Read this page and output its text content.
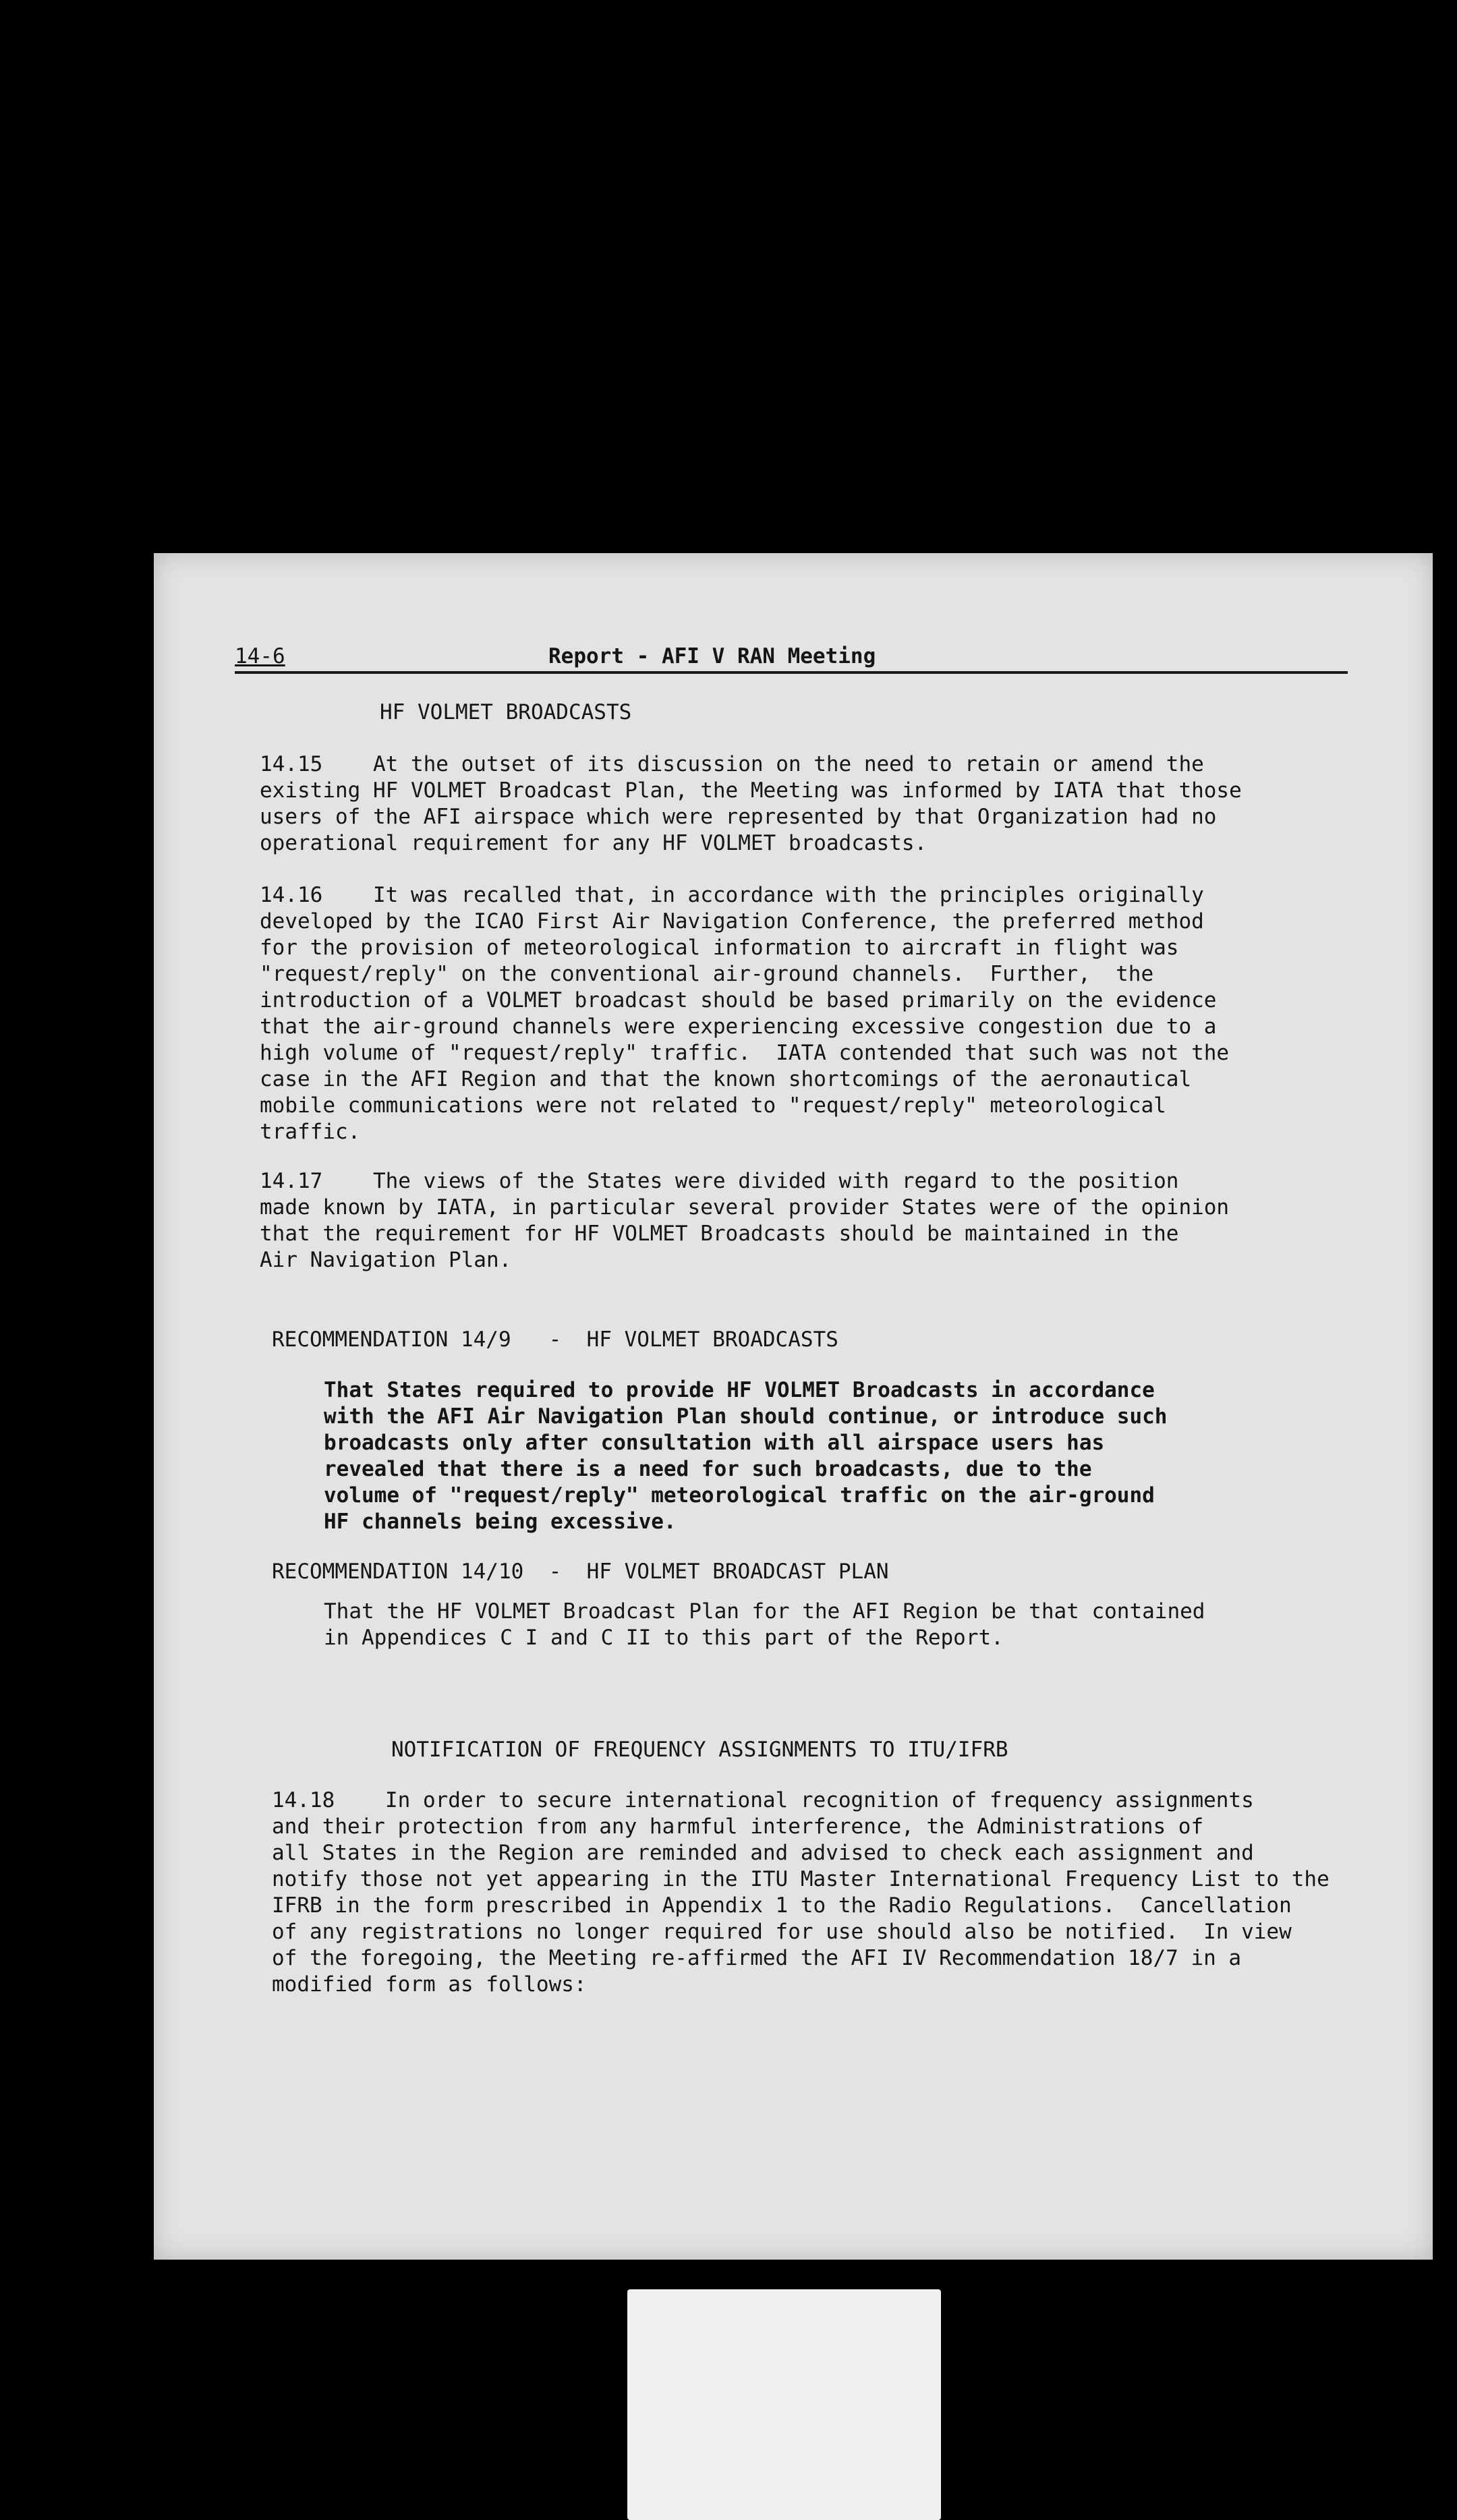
14-6	Report - AFI V RAN Meeting
HF VOLMET BROADCASTS
14.15    At the outset of its discussion on the need to retain or amend the
existing HF VOLMET Broadcast Plan, the Meeting was informed by IATA that those
users of the AFI airspace which were represented by that Organization had no
operational requirement for any HF VOLMET broadcasts.
14.16    It was recalled that, in accordance with the principles originally
developed by the ICAO First Air Navigation Conference, the preferred method
for the provision of meteorological information to aircraft in flight was
"request/reply" on the conventional air-ground channels.  Further,  the
introduction of a VOLMET broadcast should be based primarily on the evidence
that the air-ground channels were experiencing excessive congestion due to a
high volume of "request/reply" traffic.  IATA contended that such was not the
case in the AFI Region and that the known shortcomings of the aeronautical
mobile communications were not related to "request/reply" meteorological
traffic.
14.17    The views of the States were divided with regard to the position
made known by IATA, in particular several provider States were of the opinion
that the requirement for HF VOLMET Broadcasts should be maintained in the
Air Navigation Plan.
RECOMMENDATION 14/9   -  HF VOLMET BROADCASTS
That States required to provide HF VOLMET Broadcasts in accordance
with the AFI Air Navigation Plan should continue, or introduce such
broadcasts only after consultation with all airspace users has
revealed that there is a need for such broadcasts, due to the
volume of "request/reply" meteorological traffic on the air-ground
HF channels being excessive.
RECOMMENDATION 14/10  -  HF VOLMET BROADCAST PLAN
That the HF VOLMET Broadcast Plan for the AFI Region be that contained
in Appendices C I and C II to this part of the Report.
NOTIFICATION OF FREQUENCY ASSIGNMENTS TO ITU/IFRB
14.18    In order to secure international recognition of frequency assignments
and their protection from any harmful interference, the Administrations of
all States in the Region are reminded and advised to check each assignment and
notify those not yet appearing in the ITU Master International Frequency List to the
IFRB in the form prescribed in Appendix 1 to the Radio Regulations.  Cancellation
of any registrations no longer required for use should also be notified.  In view
of the foregoing, the Meeting re-affirmed the AFI IV Recommendation 18/7 in a
modified form as follows:
